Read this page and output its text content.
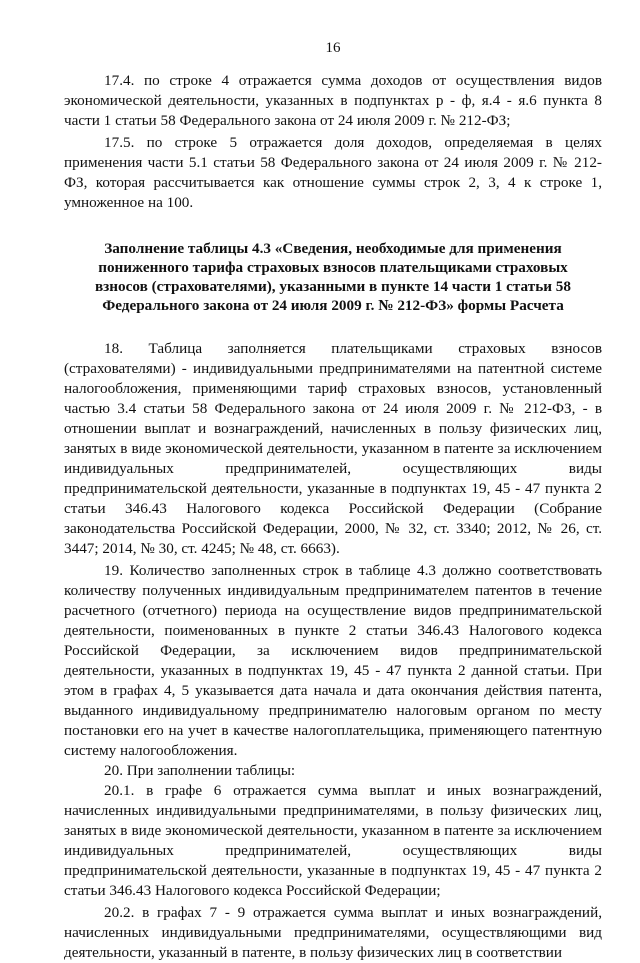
16

17.4. по строке 4 отражается сумма доходов от осуществления видов экономической деятельности, указанных в подпунктах р - ф, я.4 - я.6 пункта 8 части 1 статьи 58 Федерального закона от 24 июля 2009 г. № 212-ФЗ;

17.5. по строке 5 отражается доля доходов, определяемая в целях применения части 5.1 статьи 58 Федерального закона от 24 июля 2009 г. № 212-ФЗ, которая рассчитывается как отношение суммы строк 2, 3, 4 к строке 1, умноженное на 100.

Заполнение таблицы 4.3 «Сведения, необходимые для применения пониженного тарифа страховых взносов плательщиками страховых взносов (страхователями), указанными в пункте 14 части 1 статьи 58 Федерального закона от 24 июля 2009 г. № 212-ФЗ» формы Расчета

18. Таблица заполняется плательщиками страховых взносов (страхователями) - индивидуальными предпринимателями на патентной системе налогообложения, применяющими тариф страховых взносов, установленный частью 3.4 статьи 58 Федерального закона от 24 июля 2009 г. № 212-ФЗ, - в отношении выплат и вознаграждений, начисленных в пользу физических лиц, занятых в виде экономической деятельности, указанном в патенте за исключением индивидуальных предпринимателей, осуществляющих виды предпринимательской деятельности, указанные в подпунктах 19, 45 - 47 пункта 2 статьи 346.43 Налогового кодекса Российской Федерации (Собрание законодательства Российской Федерации, 2000, № 32, ст. 3340; 2012, № 26, ст. 3447; 2014, № 30, ст. 4245; № 48, ст. 6663).

19. Количество заполненных строк в таблице 4.3 должно соответствовать количеству полученных индивидуальным предпринимателем патентов в течение расчетного (отчетного) периода на осуществление видов предпринимательской деятельности, поименованных в пункте 2 статьи 346.43 Налогового кодекса Российской Федерации, за исключением видов предпринимательской деятельности, указанных в подпунктах 19, 45 - 47 пункта 2 данной статьи. При этом в графах 4, 5 указывается дата начала и дата окончания действия патента, выданного индивидуальному предпринимателю налоговым органом по месту постановки его на учет в качестве налогоплательщика, применяющего патентную систему налогообложения.

20. При заполнении таблицы:

20.1. в графе 6 отражается сумма выплат и иных вознаграждений, начисленных индивидуальными предпринимателями, в пользу физических лиц, занятых в виде экономической деятельности, указанном в патенте за исключением индивидуальных предпринимателей, осуществляющих виды предпринимательской деятельности, указанные в подпунктах 19, 45 - 47 пункта 2 статьи 346.43 Налогового кодекса Российской Федерации;

20.2. в графах 7 - 9 отражается сумма выплат и иных вознаграждений, начисленных индивидуальными предпринимателями, осуществляющими вид деятельности, указанный в патенте, в пользу физических лиц в соответствии
